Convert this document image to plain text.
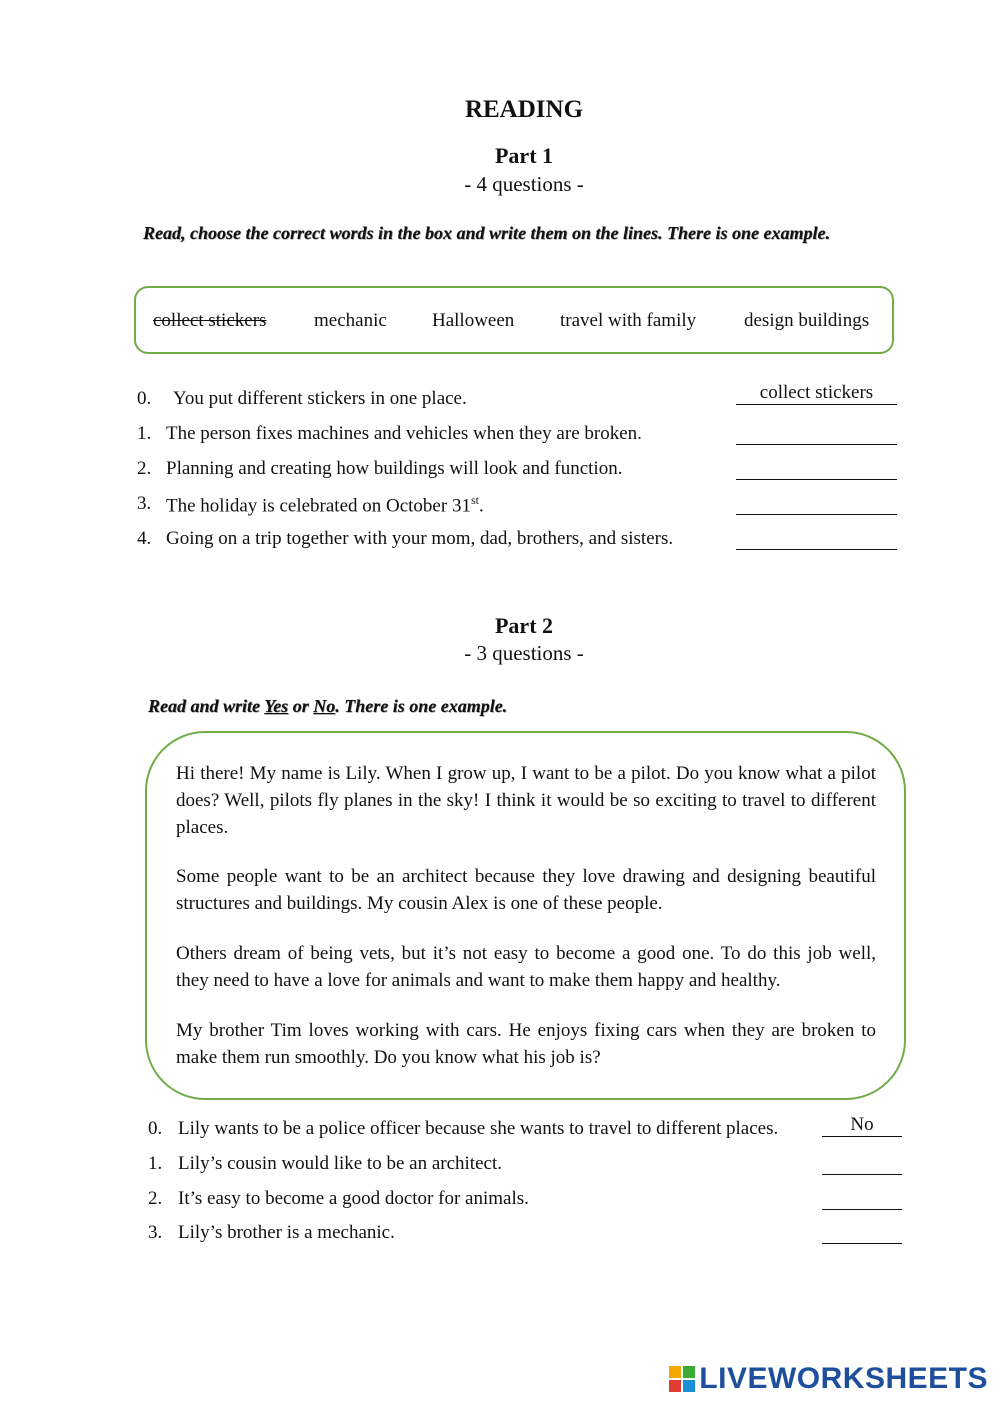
READING
Part 1
- 4 questions -
Read, choose the correct words in the box and write them on the lines. There is one example.
collect stickers	mechanic Halloween travel with family	design buildings
0. You put different stickers in one place.	collect stickers
1. The person fixes machines and vehicles when they are broken.
2. Planning and creating how buildings will look and function.
3. The holiday is celebrated on October 31st.
4. Going on a trip together with your mom, dad, brothers, and sisters.
Part 2
- 3 questions -
Read and write Yes or No. There is one example.
Hi there! My name is Lily. When I grow up, I want to be a pilot. Do you know what a pilot does? Well, pilots fly planes in the sky! I think it would be so exciting to travel to different places.
Some people want to be an architect because they love drawing and designing beautiful structures and buildings. My cousin Alex is one of these people.
Others dream of being vets, but it’s not easy to become a good one. To do this job well, they need to have a love for animals and want to make them happy and healthy.
My brother Tim loves working with cars. He enjoys fixing cars when they are broken to make them run smoothly. Do you know what his job is?
0. Lily wants to be a police officer because she wants to travel to different places.	No
1. Lily’s cousin would like to be an architect.
2. It’s easy to become a good doctor for animals.
3. Lily’s brother is a mechanic.
LIVEWORKSHEETS
